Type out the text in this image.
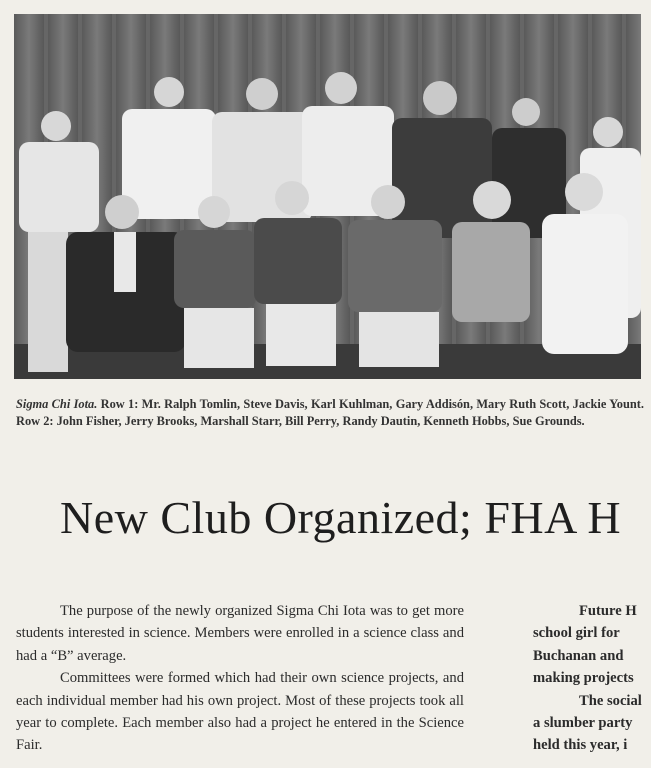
Sigma Chi Iota. Row 1: Mr. Ralph Tomlin, Steve Davis, Karl Kuhlman, Gary Addisón, Mary Ruth Scott, Jackie Yount. Row 2: John Fisher, Jerry Brooks, Marshall Starr, Bill Perry, Randy Dautin, Kenneth Hobbs, Sue Grounds.
New Club Organized; FHA H

The purpose of the newly organized Sigma Chi Iota was to get more students interested in science. Members were enrolled in a science class and had a “B” average.

Committees were formed which had their own science projects, and each individual member had his own project. Most of these projects took all year to complete. Each member also had a project he entered in the Science Fair.

Future H
school girl for
Buchanan and
making projects
The social
a slumber party
held this year, i
